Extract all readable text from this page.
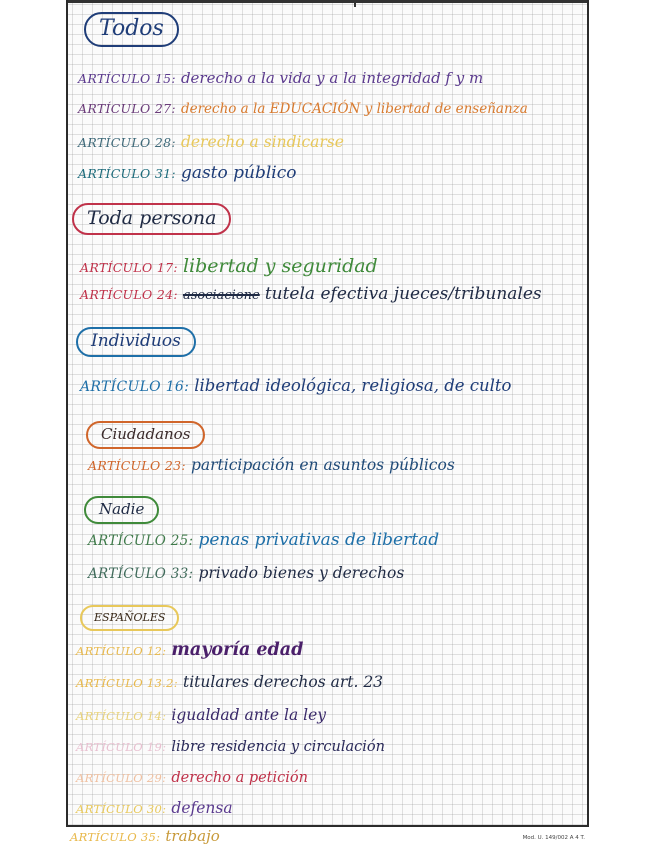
Todos
ARTÍCULO 15: derecho a la vida y a la integridad f y m
ARTÍCULO 27: derecho a la EDUCACIÓN y libertad de enseñanza
ARTÍCULO 28: derecho a sindicarse
ARTÍCULO 31: gasto público
Toda persona
ARTÍCULO 17: libertad y seguridad
ARTÍCULO 24: asociacione tutela efectiva jueces/tribunales
Individuos
ARTÍCULO 16: libertad ideológica, religiosa, de culto
Ciudadanos
ARTÍCULO 23: participación en asuntos públicos
Nadie
ARTÍCULO 25: penas privativas de libertad
ARTÍCULO 33: privado bienes y derechos
ESPAÑOLES
ARTÍCULO 12: mayoría edad
ARTÍCULO 13.2: titulares derechos art. 23
ARTÍCULO 14: igualdad ante la ley
ARTÍCULO 19: libre residencia y circulación
ARTÍCULO 29: derecho a petición
ARTÍCULO 30: defensa
ARTÍCULO 35: trabajo	Mod. U. 149/002 A 4 T.
